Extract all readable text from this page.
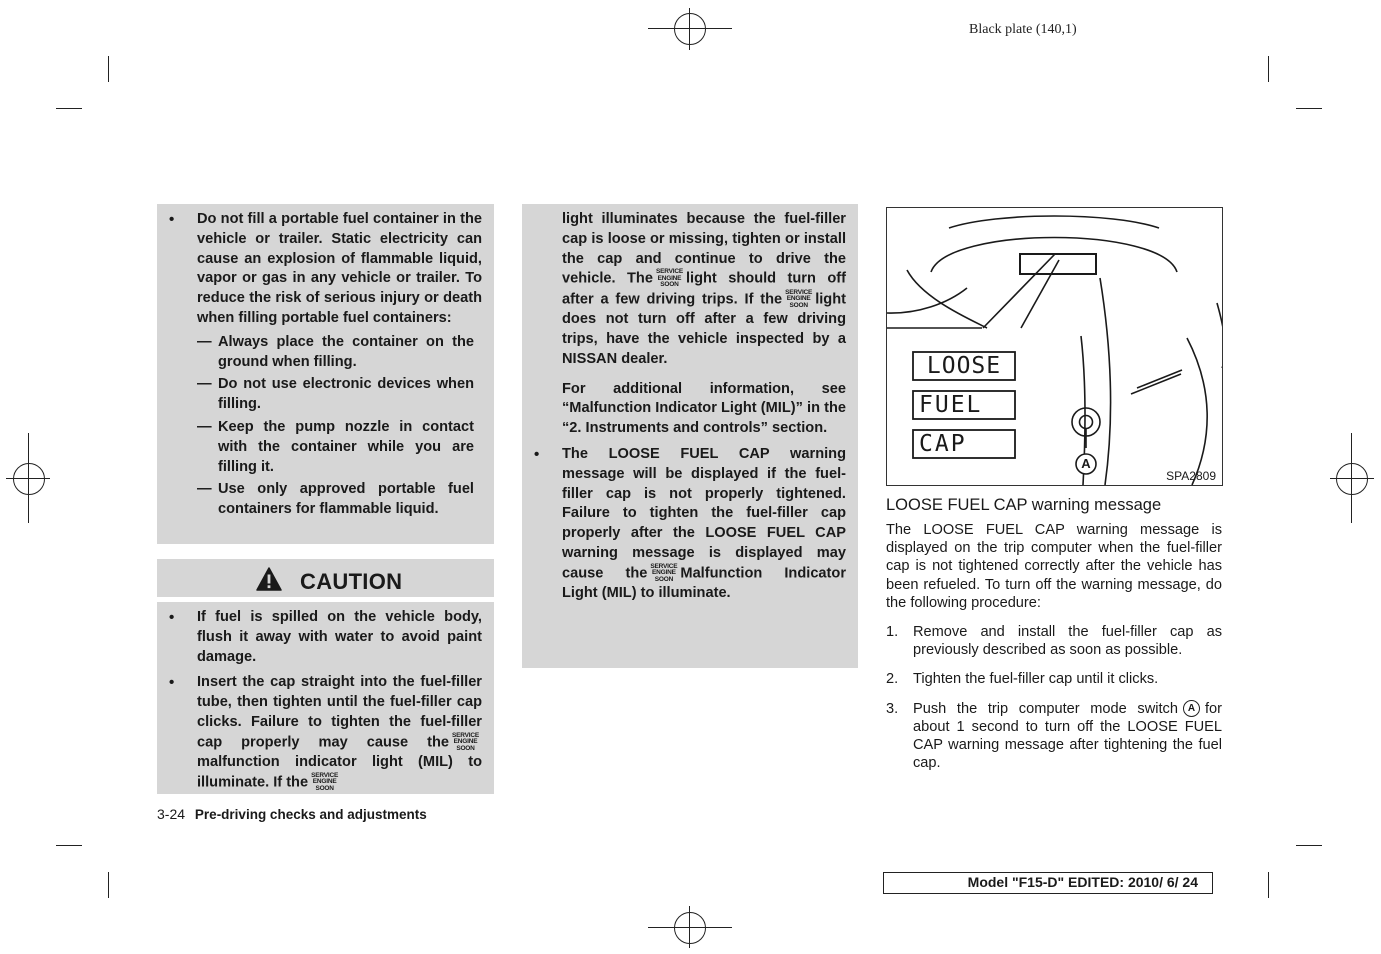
Black plate (140,1)
• Do not fill a portable fuel container in the vehicle or trailer. Static electricity can cause an explosion of flammable liquid, vapor or gas in any vehicle or trailer. To reduce the risk of serious injury or death when filling portable fuel containers:
— Always place the container on the ground when filling.
— Do not use electronic devices when filling.
— Keep the pump nozzle in contact with the container while you are filling it.
— Use only approved portable fuel containers for flammable liquid.
CAUTION
• If fuel is spilled on the vehicle body, flush it away with water to avoid paint damage.
• Insert the cap straight into the fuel-filler tube, then tighten until the fuel-filler cap clicks. Failure to tighten the fuel-filler cap properly may cause the SERVICE
ENGINE
SOON
malfunction indicator light (MIL) to illuminate. If the SERVICE
ENGINE
SOON

light illuminates because the fuel-filler cap is loose or missing, tighten or install the cap and continue to drive the vehicle. The SERVICE
ENGINE
SOON light should turn off after a few driving trips. If the SERVICE
ENGINE
SOON light does not turn off after a few driving trips, have the vehicle inspected by a NISSAN dealer.

For additional information, see “Malfunction Indicator Light (MIL)” in the “2. Instruments and controls” section.

• The LOOSE FUEL CAP warning message will be displayed if the fuel-filler cap is not properly tightened. Failure to tighten the fuel-filler cap properly after the LOOSE FUEL CAP warning message is displayed may cause the SERVICE
ENGINE
SOON Malfunction Indicator Light (MIL) to illuminate.
LOOSE
FUEL
CAP
A
SPA2809
LOOSE FUEL CAP warning message

The LOOSE FUEL CAP warning message is displayed on the trip computer when the fuel-filler cap is not tightened correctly after the vehicle has been refueled. To turn off the warning message, do the following procedure:

1. Remove and install the fuel-filler cap as previously described as soon as possible.
2. Tighten the fuel-filler cap until it clicks.
3. Push the trip computer mode switch A for about 1 second to turn off the LOOSE FUEL CAP warning message after tightening the fuel cap.
3-24 Pre-driving checks and adjustments
Model "F15-D" EDITED: 2010/ 6/ 24
